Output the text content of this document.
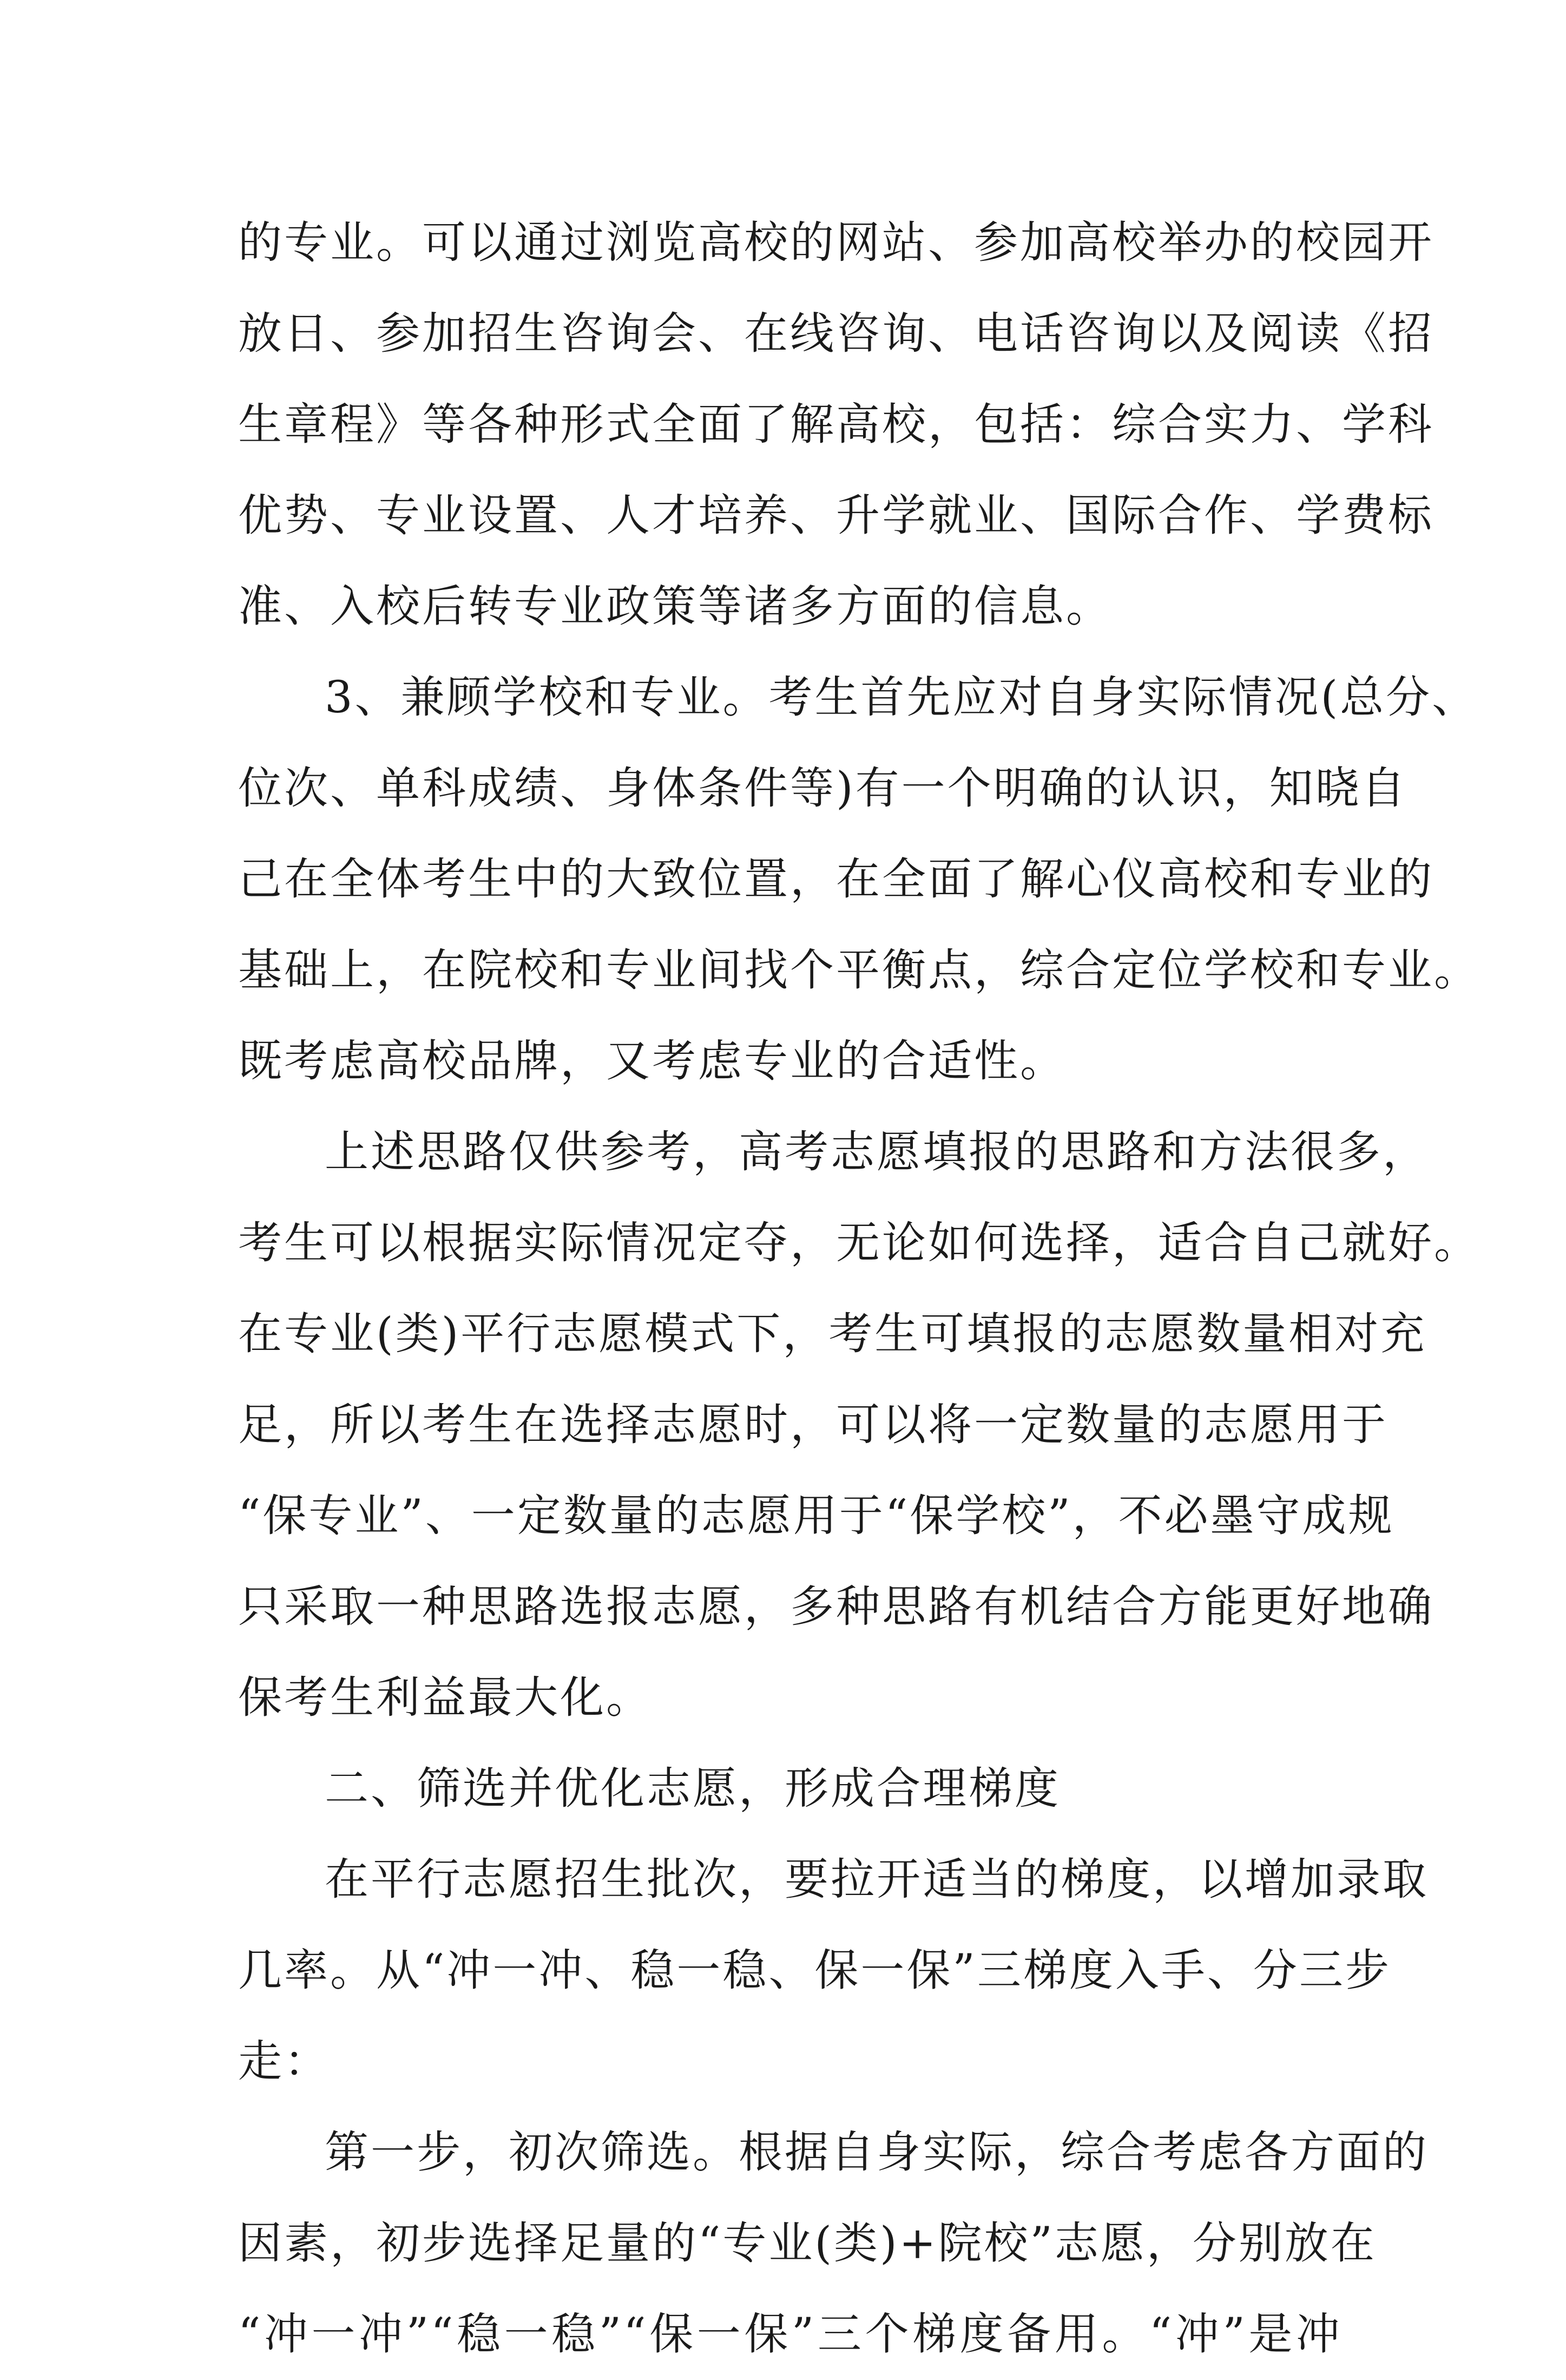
的专业。可以通过浏览高校的网站、参加高校举办的校园开
放日、参加招生咨询会、在线咨询、电话咨询以及阅读《招
生章程》等各种形式全面了解高校，包括：综合实力、学科
优势、专业设置、人才培养、升学就业、国际合作、学费标
准、入校后转专业政策等诸多方面的信息。
3、兼顾学校和专业。考生首先应对自身实际情况(总分、
位次、单科成绩、身体条件等)有一个明确的认识，知晓自
己在全体考生中的大致位置，在全面了解心仪高校和专业的
基础上，在院校和专业间找个平衡点，综合定位学校和专业。
既考虑高校品牌，又考虑专业的合适性。
上述思路仅供参考，高考志愿填报的思路和方法很多，
考生可以根据实际情况定夺，无论如何选择，适合自己就好。
在专业(类)平行志愿模式下，考生可填报的志愿数量相对充
足，所以考生在选择志愿时，可以将一定数量的志愿用于
“保专业”、一定数量的志愿用于“保学校”，不必墨守成规
只采取一种思路选报志愿，多种思路有机结合方能更好地确
保考生利益最大化。
二、筛选并优化志愿，形成合理梯度
在平行志愿招生批次，要拉开适当的梯度，以增加录取
几率。从“冲一冲、稳一稳、保一保”三梯度入手、分三步
走：
第一步，初次筛选。根据自身实际，综合考虑各方面的
因素，初步选择足量的“专业(类)+院校”志愿，分别放在
“冲一冲”“稳一稳”“保一保”三个梯度备用。“冲”是冲
